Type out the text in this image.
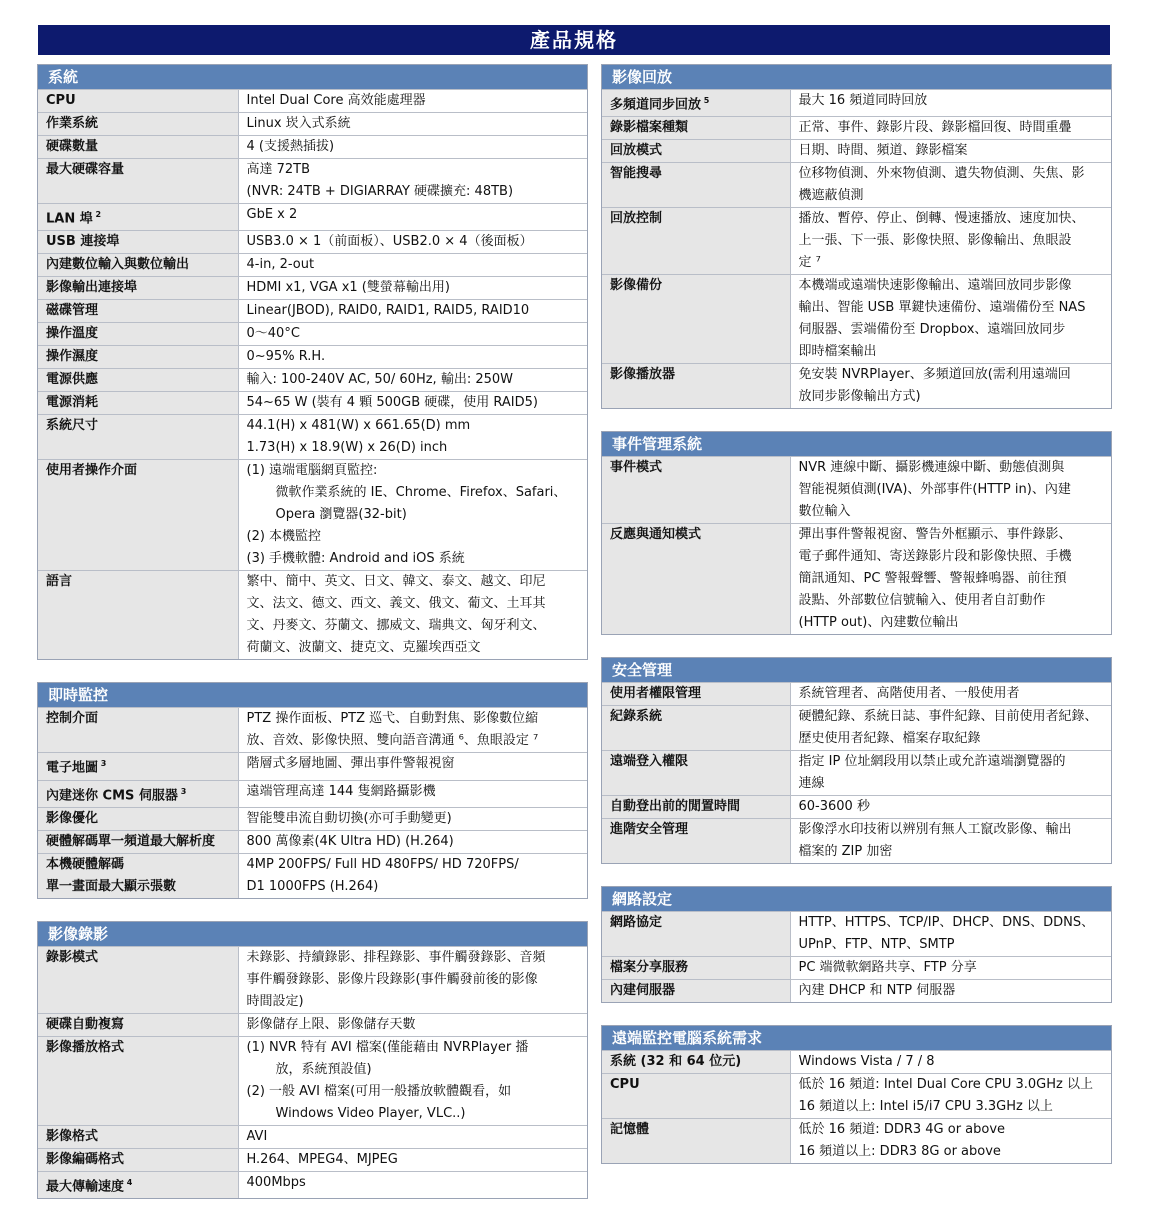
產品規格
系統
CPU	Intel Dual Core 高效能處理器

作業系統	Linux 崁入式系統

硬碟數量	4 (支援熱插拔)

最大硬碟容量	高達 72TB
(NVR: 24TB + DIGIARRAY 硬碟擴充: 48TB)

LAN 埠 $^2$	GbE x 2

USB 連接埠	USB3.0 × 1（前面板）、USB2.0 × 4（後面板）

內建數位輸入與數位輸出	4-in, 2-out

影像輸出連接埠	HDMI x1, VGA x1 (雙螢幕輸出用)

磁碟管理	Linear(JBOD), RAID0, RAID1, RAID5, RAID10

操作溫度	0～40°C

操作濕度	0~95% R.H.

電源供應	輸入: 100-240V AC, 50/ 60Hz, 輸出: 250W

電源消耗	54~65 W (裝有 4 顆 500GB 硬碟，使用 RAID5)

系統尺寸	44.1(H) x 481(W) x 661.65(D) mm
1.73(H) x 18.9(W) x 26(D) inch

使用者操作介面	(1) 遠端電腦網頁監控:
微軟作業系統的 IE、Chrome、Firefox、Safari、
Opera 瀏覽器(32-bit)
(2) 本機監控
(3) 手機軟體: Android and iOS 系統

語言	繁中、簡中、英文、日文、韓文、泰文、越文、印尼
文、法文、德文、西文、義文、俄文、葡文、土耳其
文、丹麥文、芬蘭文、挪威文、瑞典文、匈牙利文、
荷蘭文、波蘭文、捷克文、克羅埃西亞文
即時監控
控制介面	PTZ 操作面板、PTZ 巡弋、自動對焦、影像數位縮
放、音效、影像快照、雙向語音溝通 ⁶、魚眼設定 ⁷

電子地圖 $^3$	階層式多層地圖、彈出事件警報視窗

內建迷你 CMS 伺服器 $^3$	遠端管理高達 144 隻網路攝影機

影像優化	智能雙串流自動切換(亦可手動變更)

硬體解碼單一頻道最大解析度	800 萬像素(4K Ultra HD) (H.264)

本機硬體解碼
單一畫面最大顯示張數	4MP 200FPS/ Full HD 480FPS/ HD 720FPS/
D1 1000FPS (H.264)
影像錄影
錄影模式	未錄影、持續錄影、排程錄影、事件觸發錄影、音頻
事件觸發錄影、影像片段錄影(事件觸發前後的影像
時間設定)

硬碟自動複寫	影像儲存上限、影像儲存天數

影像播放格式	(1) NVR 特有 AVI 檔案(僅能藉由 NVRPlayer 播
放，系統預設值)
(2) 一般 AVI 檔案(可用一般播放軟體觀看，如
Windows Video Player, VLC..)

影像格式	AVI

影像編碼格式	H.264、MPEG4、MJPEG

最大傳輸速度 $^4$	400Mbps
影像回放
多頻道同步回放 $^5$	最大 16 頻道同時回放

錄影檔案種類	正常、事件、錄影片段、錄影檔回復、時間重疊

回放模式	日期、時間、頻道、錄影檔案

智能搜尋	位移物偵測、外來物偵測、遺失物偵測、失焦、影
機遮蔽偵測

回放控制	播放、暫停、停止、倒轉、慢速播放、速度加快、
上一張、下一張、影像快照、影像輸出、魚眼設
定 ⁷

影像備份	本機端或遠端快速影像輸出、遠端回放同步影像
輸出、智能 USB 單鍵快速備份、遠端備份至 NAS
伺服器、雲端備份至 Dropbox、遠端回放同步
即時檔案輸出

影像播放器	免安裝 NVRPlayer、多頻道回放(需利用遠端回
放同步影像輸出方式)
事件管理系統
事件模式	NVR 連線中斷、攝影機連線中斷、動態偵測與
智能視頻偵測(IVA)、外部事件(HTTP in)、內建
數位輸入

反應與通知模式	彈出事件警報視窗、警告外框顯示、事件錄影、
電子郵件通知、寄送錄影片段和影像快照、手機
簡訊通知、PC 警報聲響、警報蜂鳴器、前往預
設點、外部數位信號輸入、使用者自訂動作
(HTTP out)、內建數位輸出
安全管理
使用者權限管理	系統管理者、高階使用者、一般使用者

紀錄系統	硬體紀錄、系統日誌、事件紀錄、目前使用者紀錄、
歷史使用者紀錄、檔案存取紀錄

遠端登入權限	指定 IP 位址網段用以禁止或允許遠端瀏覽器的
連線

自動登出前的閒置時間	60-3600 秒

進階安全管理	影像浮水印技術以辨別有無人工竄改影像、輸出
檔案的 ZIP 加密
網路設定
網路協定	HTTP、HTTPS、TCP/IP、DHCP、DNS、DDNS、
UPnP、FTP、NTP、SMTP

檔案分享服務	PC 端微軟網路共享、FTP 分享

內建伺服器	內建 DHCP 和 NTP 伺服器
遠端監控電腦系統需求
系統 (32 和 64 位元)	Windows Vista / 7 / 8

CPU	低於 16 頻道: Intel Dual Core CPU 3.0GHz 以上
16 頻道以上: Intel i5/i7 CPU 3.3GHz 以上

記憶體	低於 16 頻道: DDR3 4G or above
16 頻道以上: DDR3 8G or above
